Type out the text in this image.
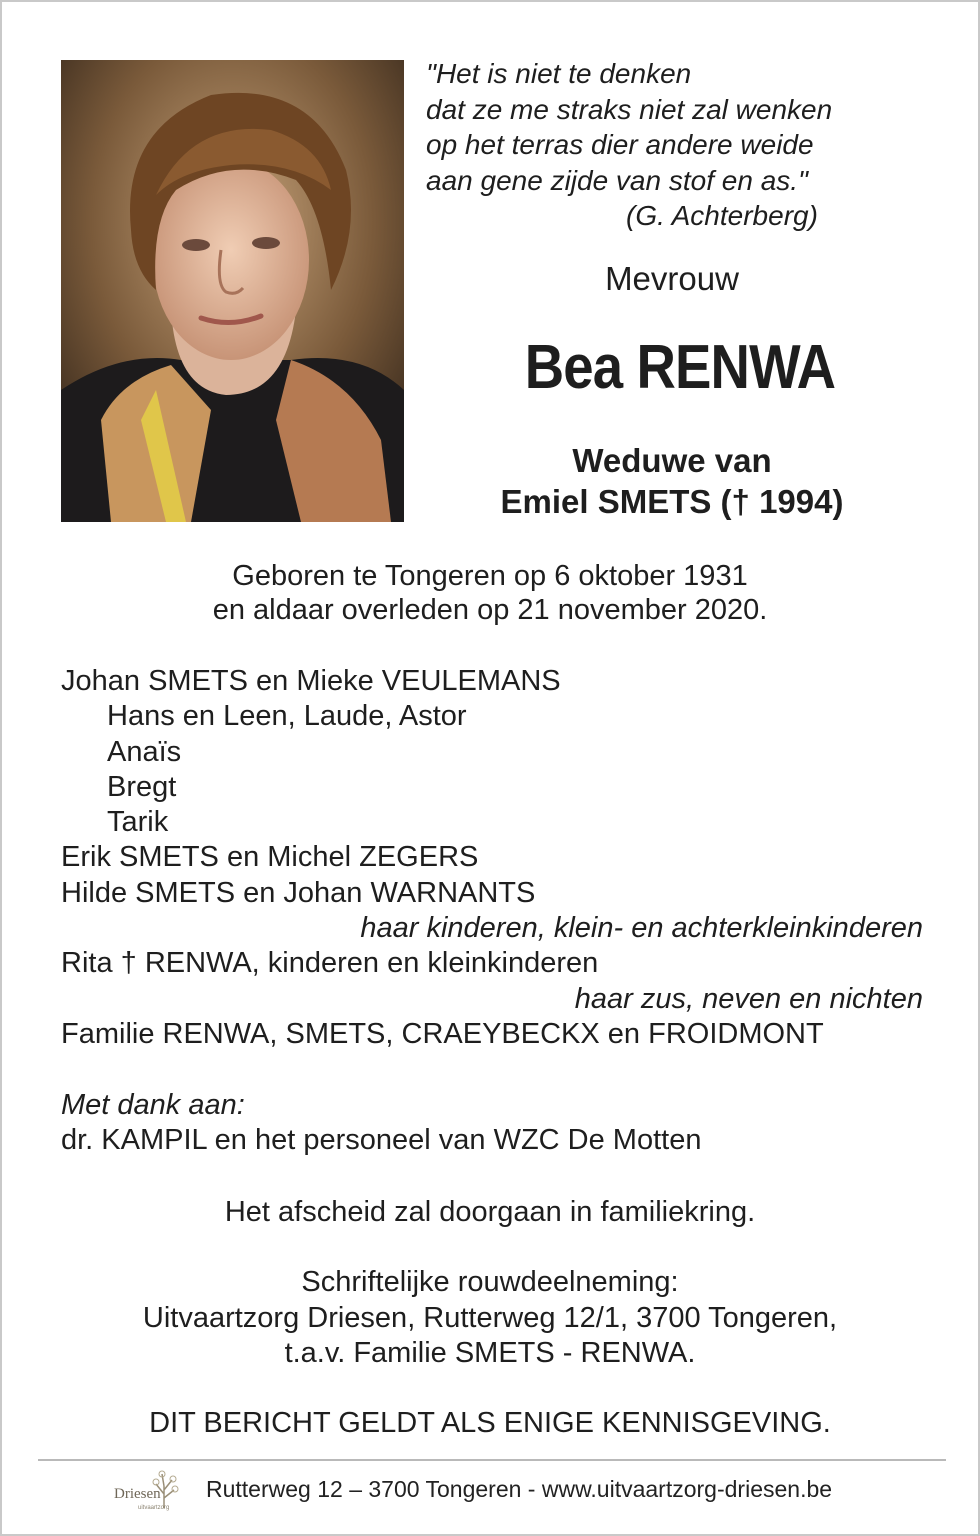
"Het is niet te denken
dat ze me straks niet zal wenken
op het terras dier andere weide
aan gene zijde van stof en as."
(G. Achterberg)
Mevrouw
Bea RENWA
Weduwe van
Emiel SMETS († 1994)
Geboren te Tongeren op 6 oktober 1931
en aldaar overleden op 21 november 2020.
Johan SMETS en Mieke VEULEMANS
Hans en Leen, Laude, Astor
Anaïs
Bregt
Tarik
Erik SMETS en Michel ZEGERS
Hilde SMETS en Johan WARNANTS
haar kinderen, klein- en achterkleinkinderen
Rita † RENWA, kinderen en kleinkinderen
haar zus, neven en nichten
Familie RENWA, SMETS, CRAEYBECKX en FROIDMONT
Met dank aan:
dr. KAMPIL en het personeel van WZC De Motten
Het afscheid zal doorgaan in familiekring.
Schriftelijke rouwdeelneming:
Uitvaartzorg Driesen, Rutterweg 12/1, 3700 Tongeren,
t.a.v. Familie SMETS - RENWA.
DIT BERICHT GELDT ALS ENIGE KENNISGEVING.
Driesen
uitvaartzorg
Rutterweg 12 – 3700 Tongeren - www.uitvaartzorg-driesen.be
